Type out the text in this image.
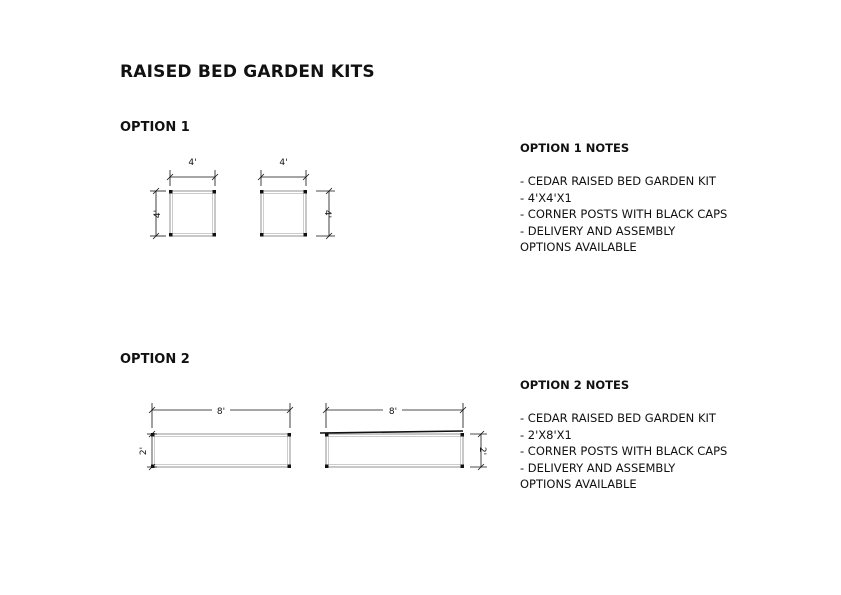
RAISED BED GARDEN KITS
OPTION 1
OPTION 2
OPTION 1 NOTES
- CEDAR RAISED BED GARDEN KIT
- 4'X4'X1
- CORNER POSTS WITH BLACK CAPS
- DELIVERY AND ASSEMBLY
OPTIONS AVAILABLE
OPTION 2 NOTES
- CEDAR RAISED BED GARDEN KIT
- 2'X8'X1
- CORNER POSTS WITH BLACK CAPS
- DELIVERY AND ASSEMBLY
OPTIONS AVAILABLE
4'	4'
4'	4'
8'	8'
2'	2'
